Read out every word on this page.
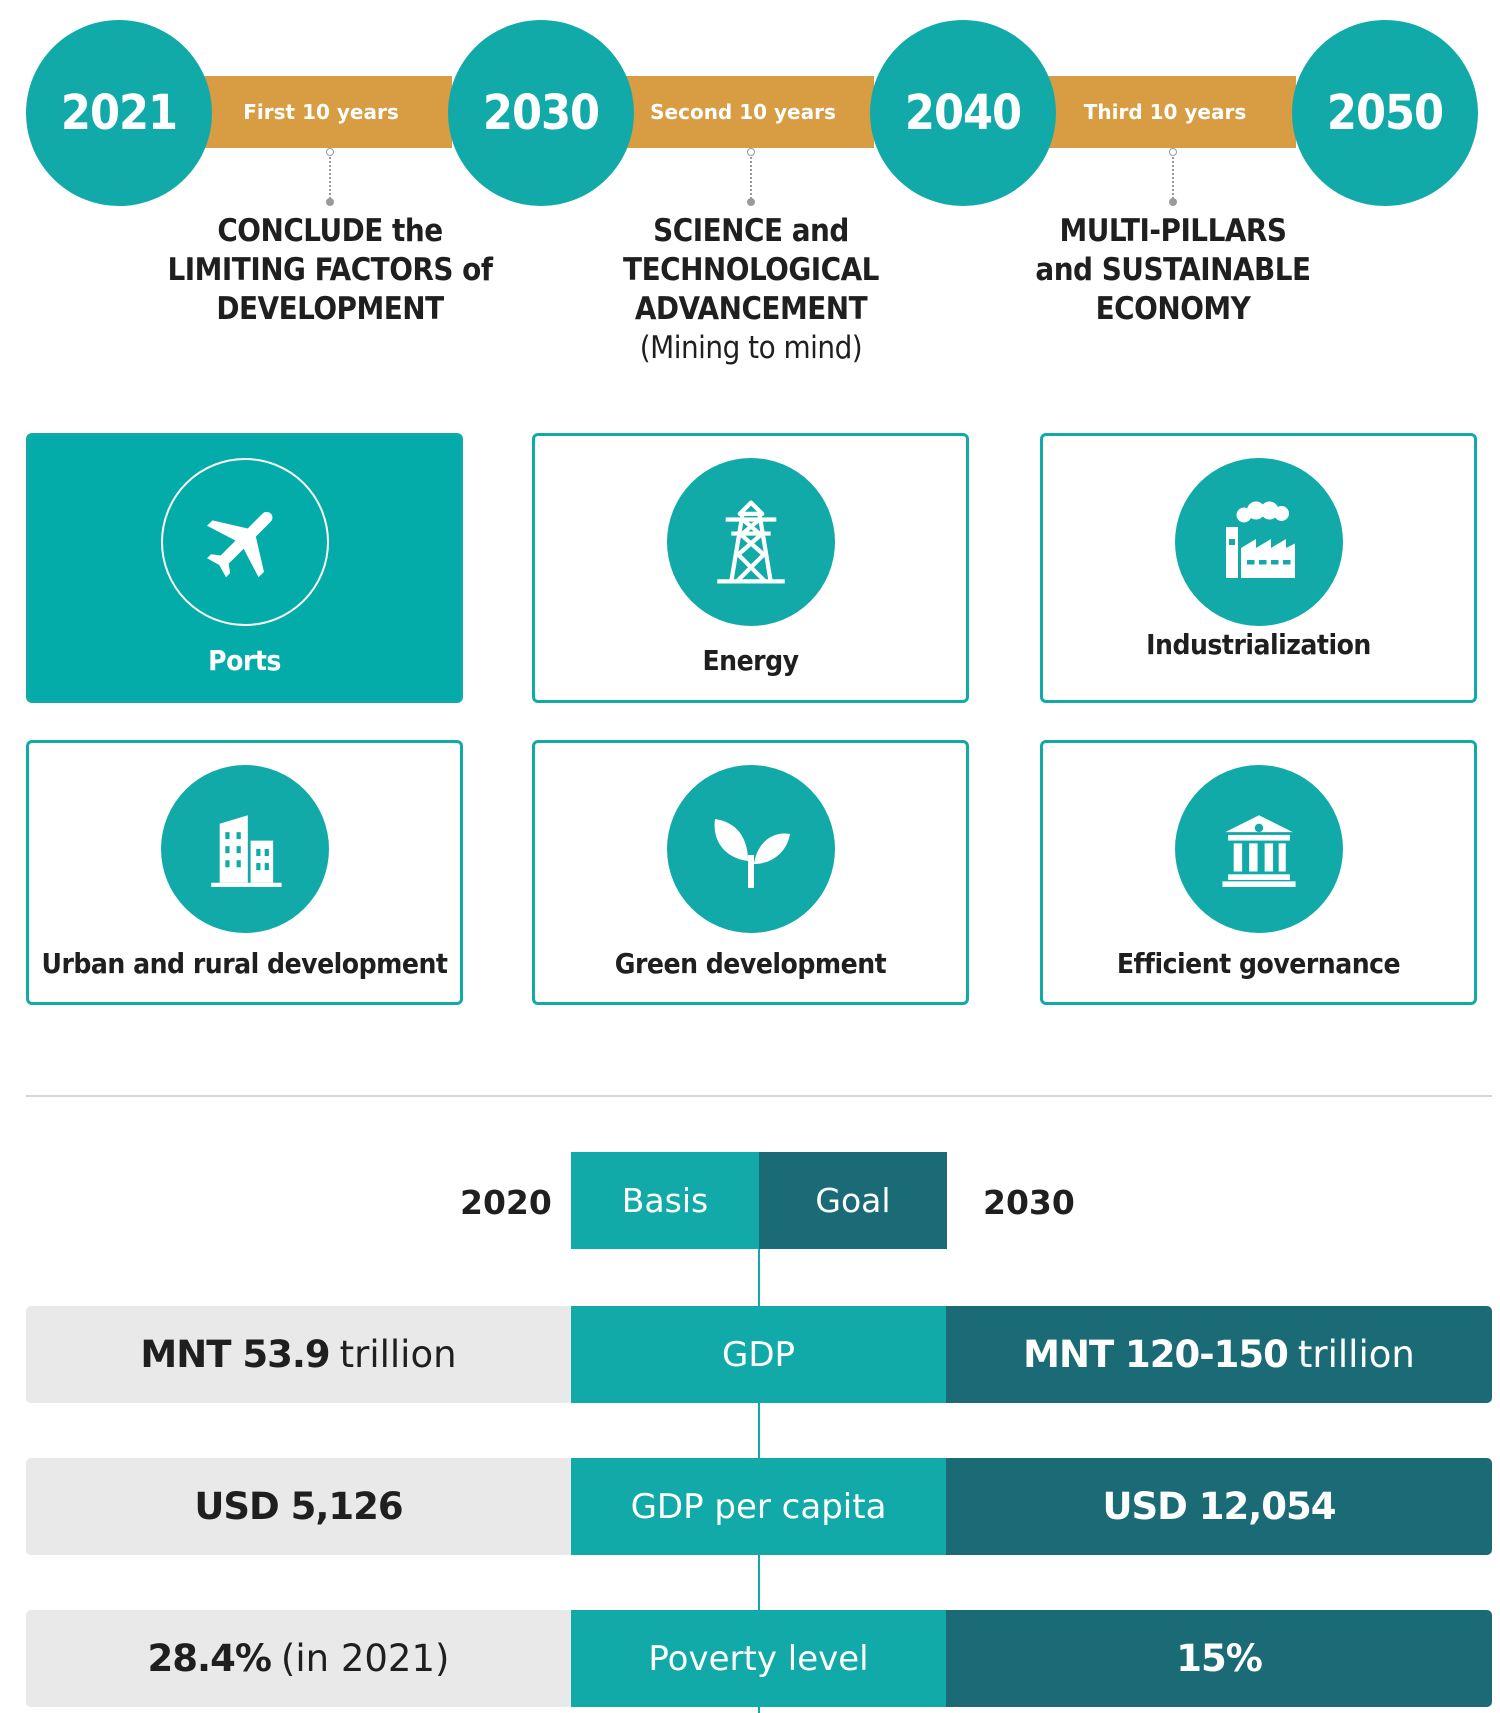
First 10 years	Second 10 years	Third 10 years
2021	2030	2040	2050
CONCLUDE the
LIMITING FACTORS of
DEVELOPMENT
SCIENCE and
TECHNOLOGICAL
ADVANCEMENT
(Mining to mind)
MULTI-PILLARS
and SUSTAINABLE
ECONOMY
Ports	Energy	Industrialization
Urban and rural development	Green development	Efficient governance
2020 Basis	Goal	2030
MNT 53.9 trillion	GDP	MNT 120-150 trillion
USD 5,126	GDP per capita	USD 12,054
28.4% (in 2021)	Poverty level	15%
